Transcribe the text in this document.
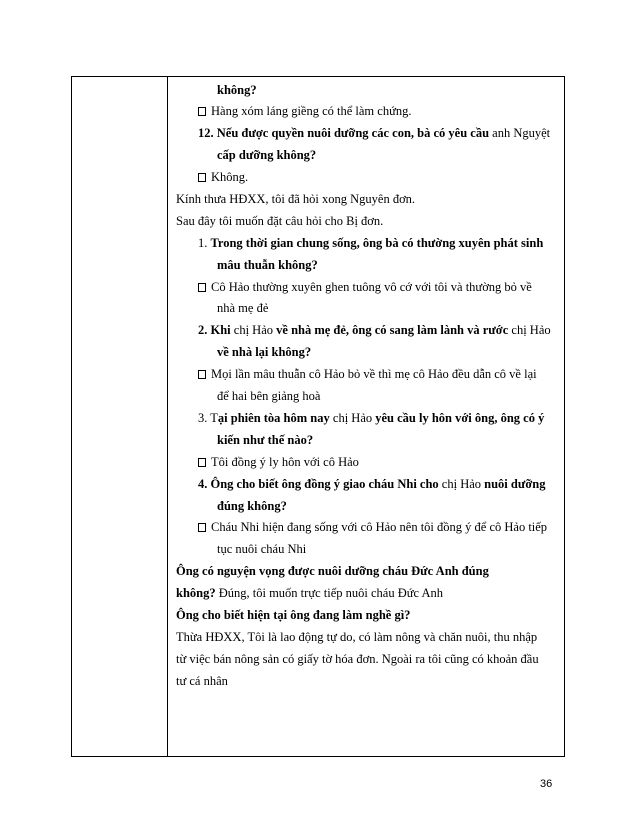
không?
Hàng xóm láng giềng có thể làm chứng.
12. Nếu được quyền nuôi dưỡng các con, bà có yêu cầu anh Nguyệt
cấp dưỡng không?
Không.
Kính thưa HĐXX, tôi đã hỏi xong Nguyên đơn.
Sau đây tôi muốn đặt câu hỏi cho Bị đơn.
1. Trong thời gian chung sống, ông bà có thường xuyên phát sinh
mâu thuẫn không?
Cô Hảo thường xuyên ghen tuông vô cớ với tôi và thường bỏ về
nhà mẹ đẻ
2. Khi chị Hảo về nhà mẹ đẻ, ông có sang làm lành và rước chị Hảo
về nhà lại không?
Mọi lần mâu thuẫn cô Hảo bỏ về thì mẹ cô Hảo đều dẫn cô về lại
để hai bên giảng hoà
3. Tại phiên tòa hôm nay chị Hảo yêu cầu ly hôn với ông, ông có ý
kiến như thế nào?
Tôi đồng ý ly hôn với cô Hảo
4. Ông cho biết ông đồng ý giao cháu Nhi cho chị Hảo nuôi dưỡng
đúng không?
Cháu Nhi hiện đang sống với cô Hảo nên tôi đồng ý để cô Hảo tiếp
tục nuôi cháu Nhi
Ông có nguyện vọng được nuôi dưỡng cháu Đức Anh đúng
không? Đúng, tôi muốn trực tiếp nuôi cháu Đức Anh
Ông cho biết hiện tại ông đang làm nghề gì?
Thừa HĐXX, Tôi là lao động tự do, có làm nông và chăn nuôi, thu nhập
từ việc bán nông sản có giấy tờ hóa đơn. Ngoài ra tôi cũng có khoản đầu
tư cá nhân
36
